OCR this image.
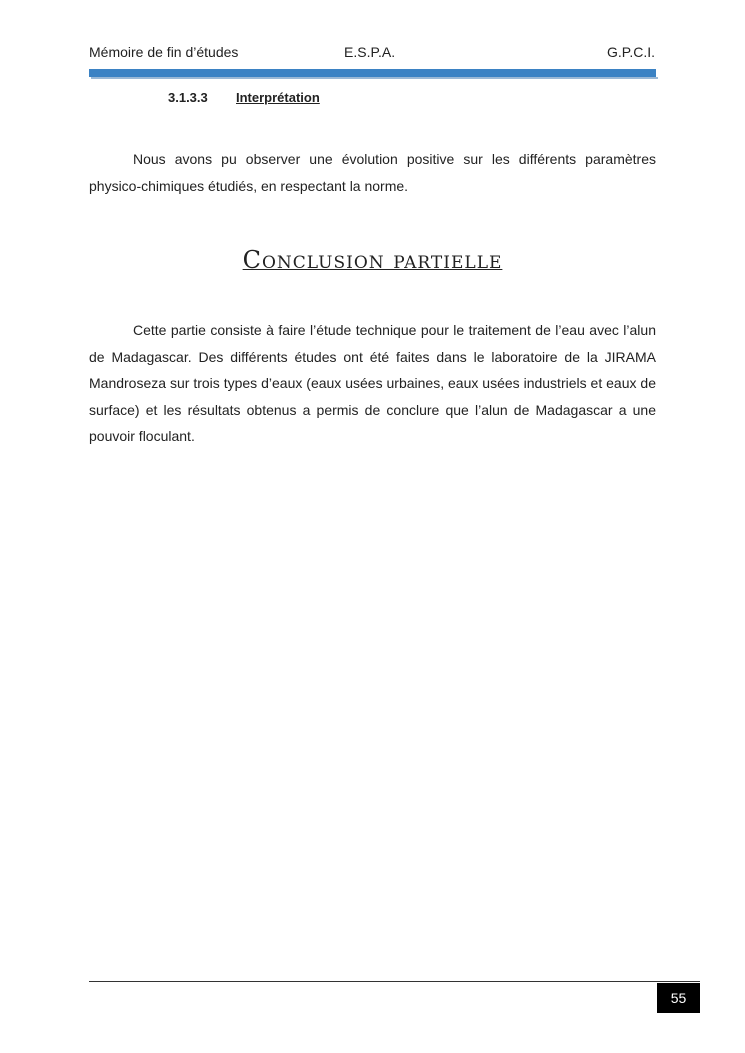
Mémoire de fin d’études	E.S.P.A.	G.P.C.I.
3.1.3.3 Interprétation

Nous avons pu observer une évolution positive sur les différents paramètres physico-chimiques étudiés, en respectant la norme.

Conclusion partielle

Cette partie consiste à faire l’étude technique pour le traitement de l’eau avec l’alun de Madagascar. Des différents études ont été faites dans le laboratoire de la JIRAMA Mandroseza sur trois types d’eaux (eaux usées urbaines, eaux usées industriels et eaux de surface) et les résultats obtenus a permis de conclure que l’alun de Madagascar a une pouvoir floculant.

55
